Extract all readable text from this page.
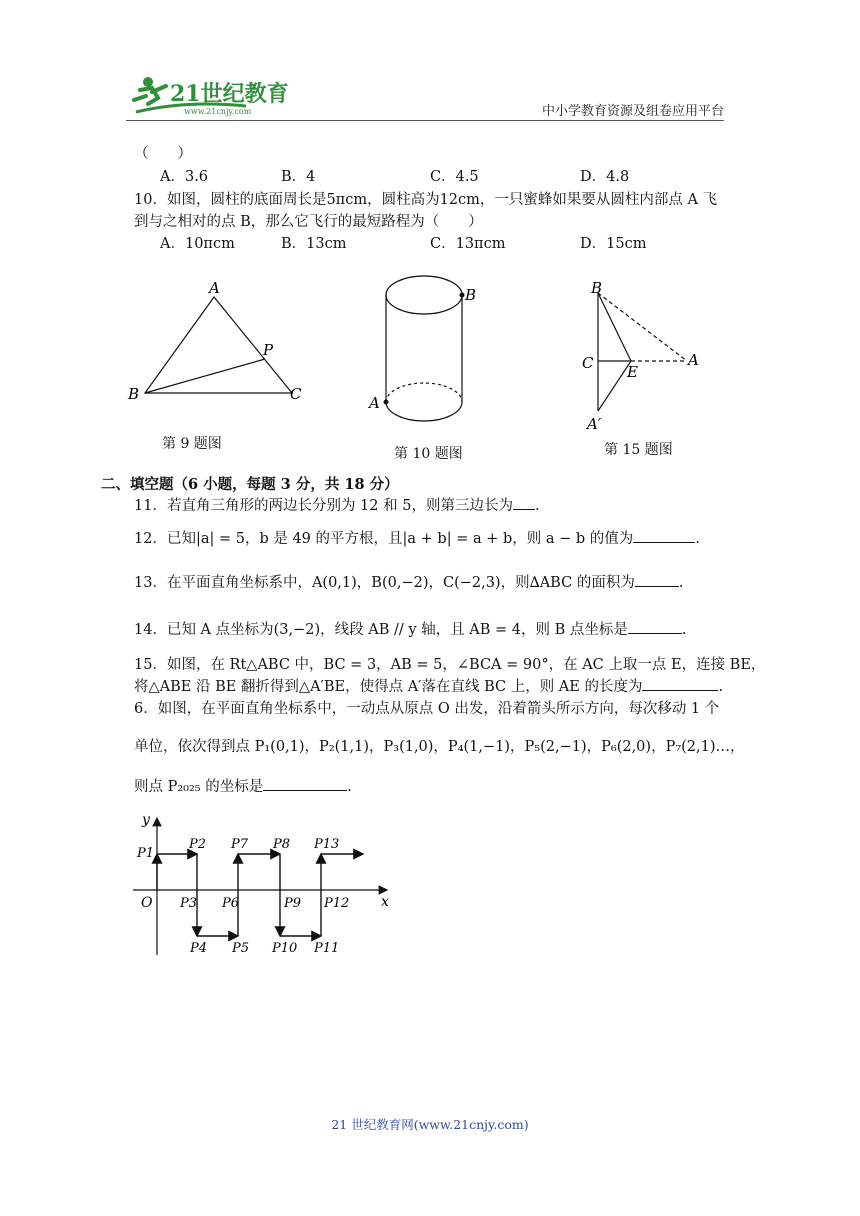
21世纪教育
www.21cnjy.com	中小学教育资源及组卷应用平台
（　　）
A．3.6	B．4	C．4.5	D．4.8
10．如图，圆柱的底面周长是5πcm，圆柱高为12cm，一只蜜蜂如果要从圆柱内部点 A 飞
到与之相对的点 B，那么它飞行的最短路程为（　　）
A．10πcm	B．13cm	C．13πcm	D．15cm
A
P
B	C
第 9 题图
B
A
第 10 题图
B
C E
A
A′
第 15 题图
二、填空题（6 小题，每题 3 分，共 18 分）
11．若直角三角形的两边长分别为 12 和 5，则第三边长为 .
12．已知|a| = 5，b 是 49 的平方根，且|a + b| = a + b，则 a − b 的值为	.
13．在平面直角坐标系中，A(0,1)，B(0,−2)，C(−2,3)，则∆ABC 的面积为	.
14．已知 A 点坐标为(3,−2)，线段 AB // y 轴，且 AB = 4，则 B 点坐标是	.
15．如图，在 Rt△ABC 中，BC = 3，AB = 5，∠BCA = 90°，在 AC 上取一点 E，连接 BE，
将△ABE 沿 BE 翻折得到△A′BE，使得点 A′落在直线 BC 上，则 AE 的长度为	.
6．如图，在平面直角坐标系中，一动点从原点 O 出发，沿着箭头所示方向，每次移动 1 个
单位，依次得到点 P₁(0,1)，P₂(1,1)，P₃(1,0)，P₄(1,−1)，P₅(2,−1)，P₆(2,0)，P₇(2,1)…，
则点 P₂₀₂₅ 的坐标是	.
x
y
O
P1
P2
P3
P4 P5
P6
P7 P8
P9
P10 P11
P12
P13
21 世纪教育网(www.21cnjy.com)
